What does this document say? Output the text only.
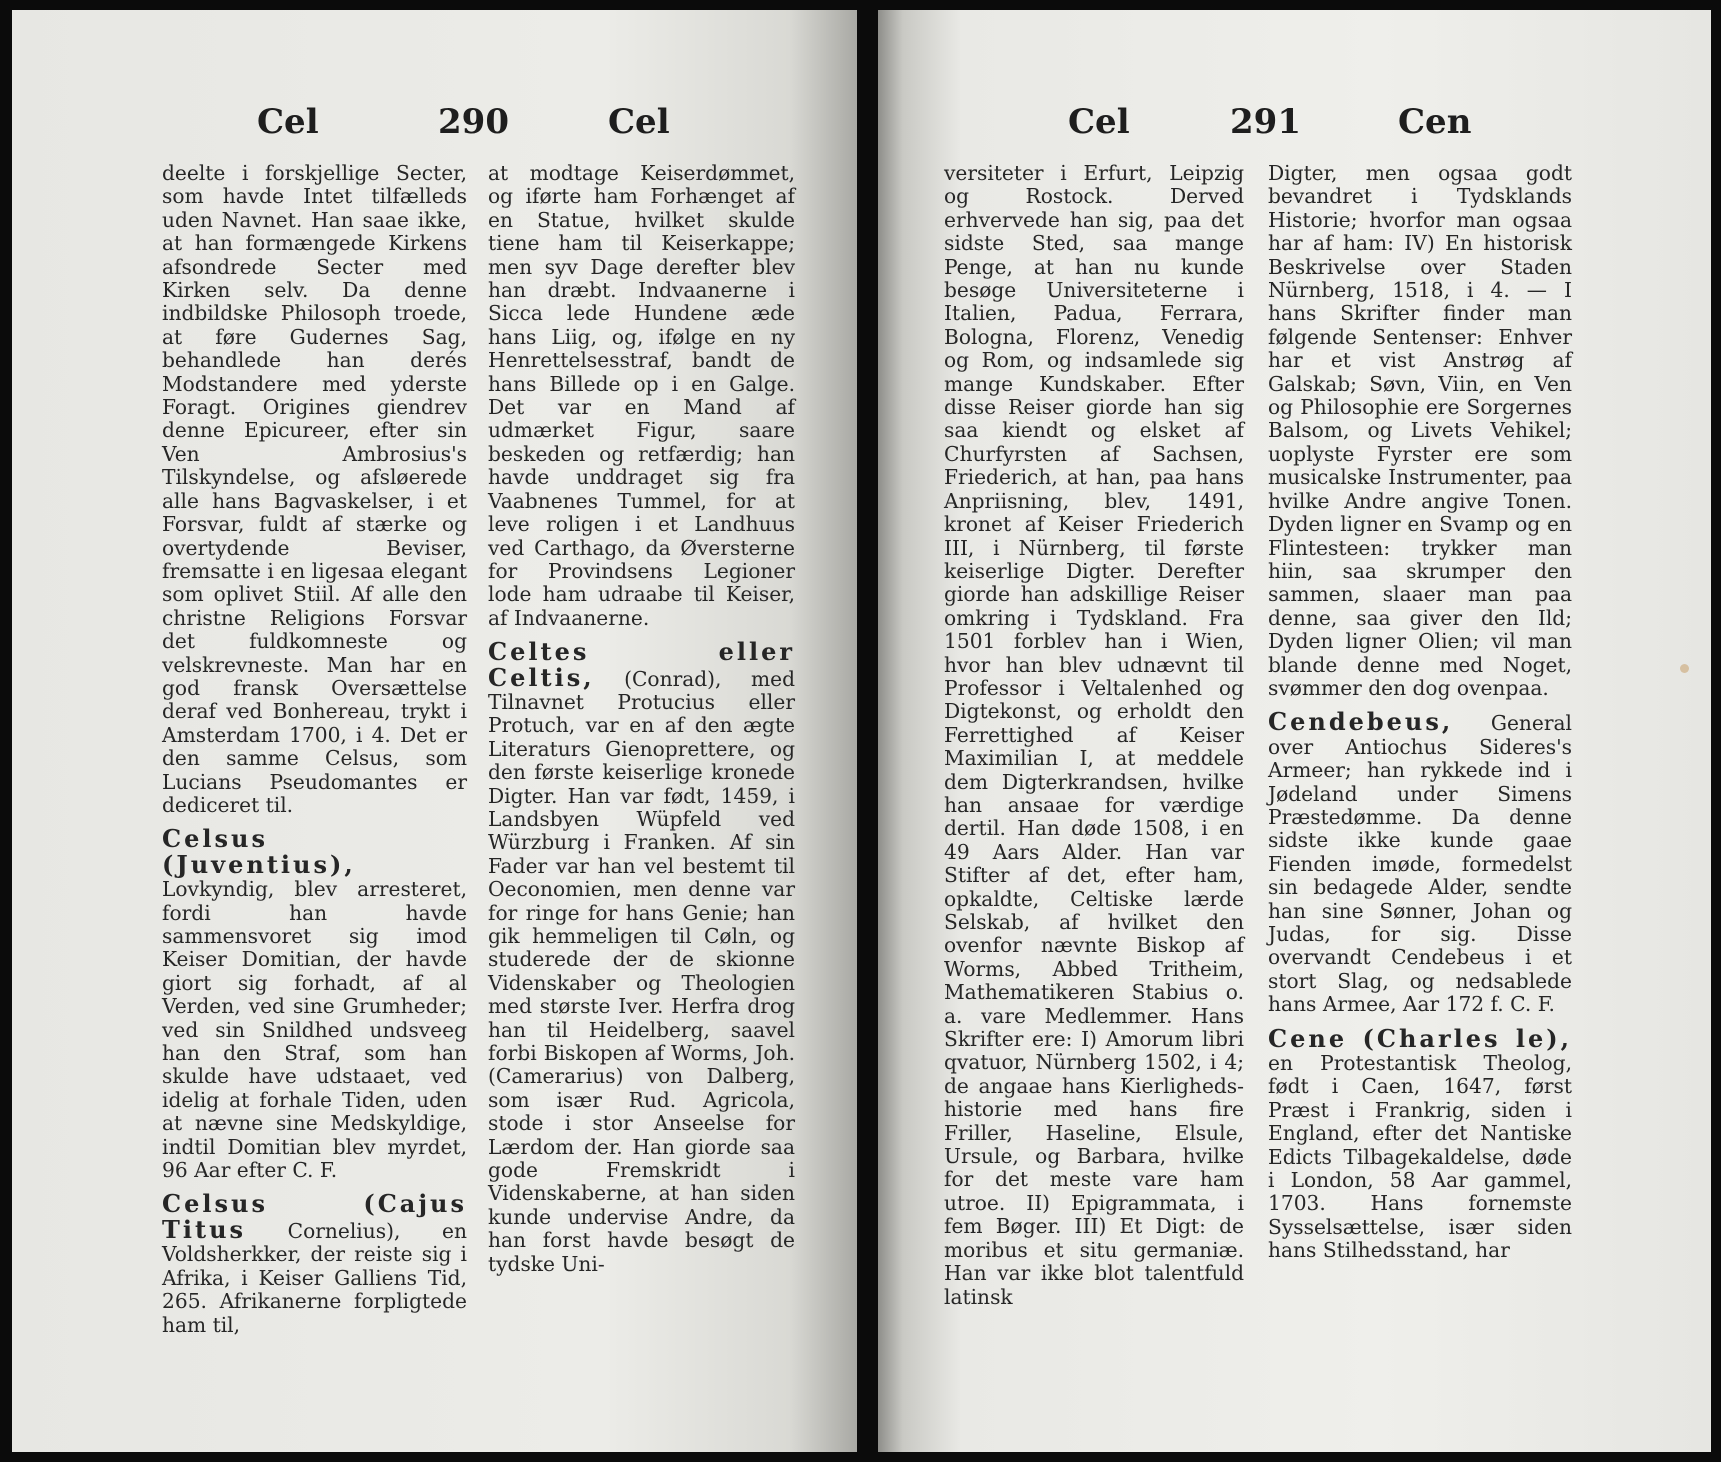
Cel	290	Cel

deelte i forskjellige Secter, som havde Intet tilfælleds uden Navnet. Han saae ikke, at han formængede Kirkens afsondrede Secter med Kirken selv. Da denne indbildske Philosoph troede, at føre Gudernes Sag, behandlede han derés Modstandere med yderste Foragt. Origines giendrev denne Epicureer, efter sin Ven Ambrosius's Tilskyndelse, og afsløerede alle hans Bagvaskelser, i et Forsvar, fuldt af stærke og overtydende Beviser, fremsatte i en ligesaa elegant som oplivet Stiil. Af alle den christne Religions Forsvar det fuldkomneste og velskrevneste. Man har en god fransk Oversættelse deraf ved Bonhereau, trykt i Amsterdam 1700, i 4. Det er den samme Celsus, som Lucians Pseudomantes er dediceret til.

Celsus (Juventius), Lovkyndig, blev arresteret, fordi han havde sammensvoret sig imod Keiser Domitian, der havde giort sig forhadt, af al Verden, ved sine Grumheder; ved sin Snildhed undsveeg han den Straf, som han skulde have udstaaet, ved idelig at forhale Tiden, uden at nævne sine Medskyldige, indtil Domitian blev myrdet, 96 Aar efter C. F.

Celsus (Cajus Titus Cornelius), en Voldsherkker, der reiste sig i Afrika, i Keiser Galliens Tid, 265. Afrikanerne forpligtede ham til,

at modtage Keiserdømmet, og iførte ham Forhænget af en Statue, hvilket skulde tiene ham til Keiserkappe; men syv Dage derefter blev han dræbt. Indvaanerne i Sicca lede Hundene æde hans Liig, og, ifølge en ny Henrettelsesstraf, bandt de hans Billede op i en Galge. Det var en Mand af udmærket Figur, saare beskeden og retfærdig; han havde unddraget sig fra Vaabnenes Tummel, for at leve roligen i et Landhuus ved Carthago, da Øversterne for Provindsens Legioner lode ham udraabe til Keiser, af Indvaanerne.

Celtes eller Celtis, (Conrad), med Tilnavnet Protucius eller Protuch, var en af den ægte Literaturs Gienoprettere, og den første keiserlige kronede Digter. Han var født, 1459, i Landsbyen Wüpfeld ved Würzburg i Franken. Af sin Fader var han vel bestemt til Oeconomien, men denne var for ringe for hans Genie; han gik hemmeligen til Cøln, og studerede der de skionne Videnskaber og Theologien med største Iver. Herfra drog han til Heidelberg, saavel forbi Biskopen af Worms, Joh. (Camerarius) von Dalberg, som især Rud. Agricola, stode i stor Anseelse for Lærdom der. Han giorde saa gode Fremskridt i Videnskaberne, at han siden kunde undervise Andre, da han forst havde besøgt de tydske Uni-

Cel	291	Cen

versiteter i Erfurt, Leipzig og Rostock. Derved erhvervede han sig, paa det sidste Sted, saa mange Penge, at han nu kunde besøge Universiteterne i Italien, Padua, Ferrara, Bologna, Florenz, Venedig og Rom, og indsamlede sig mange Kundskaber. Efter disse Reiser giorde han sig saa kiendt og elsket af Churfyrsten af Sachsen, Friederich, at han, paa hans Anpriisning, blev, 1491, kronet af Keiser Friederich III, i Nürnberg, til første keiserlige Digter. Derefter giorde han adskillige Reiser omkring i Tydskland. Fra 1501 forblev han i Wien, hvor han blev udnævnt til Professor i Veltalenhed og Digtekonst, og erholdt den Ferrettighed af Keiser Maximilian I, at meddele dem Digterkrandsen, hvilke han ansaae for værdige dertil. Han døde 1508, i en 49 Aars Alder. Han var Stifter af det, efter ham, opkaldte, Celtiske lærde Selskab, af hvilket den ovenfor nævnte Biskop af Worms, Abbed Tritheim, Mathematikeren Stabius o. a. vare Medlemmer. Hans Skrifter ere: I) Amorum libri qvatuor, Nürnberg 1502, i 4; de angaae hans Kierligheds-historie med hans fire Friller, Haseline, Elsule, Ursule, og Barbara, hvilke for det meste vare ham utroe. II) Epigrammata, i fem Bøger. III) Et Digt: de moribus et situ germaniæ. Han var ikke blot talentfuld latinsk

Digter, men ogsaa godt bevandret i Tydsklands Historie; hvorfor man ogsaa har af ham: IV) En historisk Beskrivelse over Staden Nürnberg, 1518, i 4. — I hans Skrifter finder man følgende Sentenser: Enhver har et vist Anstrøg af Galskab; Søvn, Viin, en Ven og Philosophie ere Sorgernes Balsom, og Livets Vehikel; uoplyste Fyrster ere som musicalske Instrumenter, paa hvilke Andre angive Tonen. Dyden ligner en Svamp og en Flintesteen: trykker man hiin, saa skrumper den sammen, slaaer man paa denne, saa giver den Ild; Dyden ligner Olien; vil man blande denne med Noget, svømmer den dog ovenpaa.

Cendebeus, General over Antiochus Sideres's Armeer; han rykkede ind i Jødeland under Simens Præstedømme. Da denne sidste ikke kunde gaae Fienden imøde, formedelst sin bedagede Alder, sendte han sine Sønner, Johan og Judas, for sig. Disse overvandt Cendebeus i et stort Slag, og nedsablede hans Armee, Aar 172 f. C. F.

Cene (Charles le), en Protestantisk Theolog, født i Caen, 1647, først Præst i Frankrig, siden i England, efter det Nantiske Edicts Tilbagekaldelse, døde i London, 58 Aar gammel, 1703. Hans fornemste Sysselsættelse, især siden hans Stilhedsstand, har
